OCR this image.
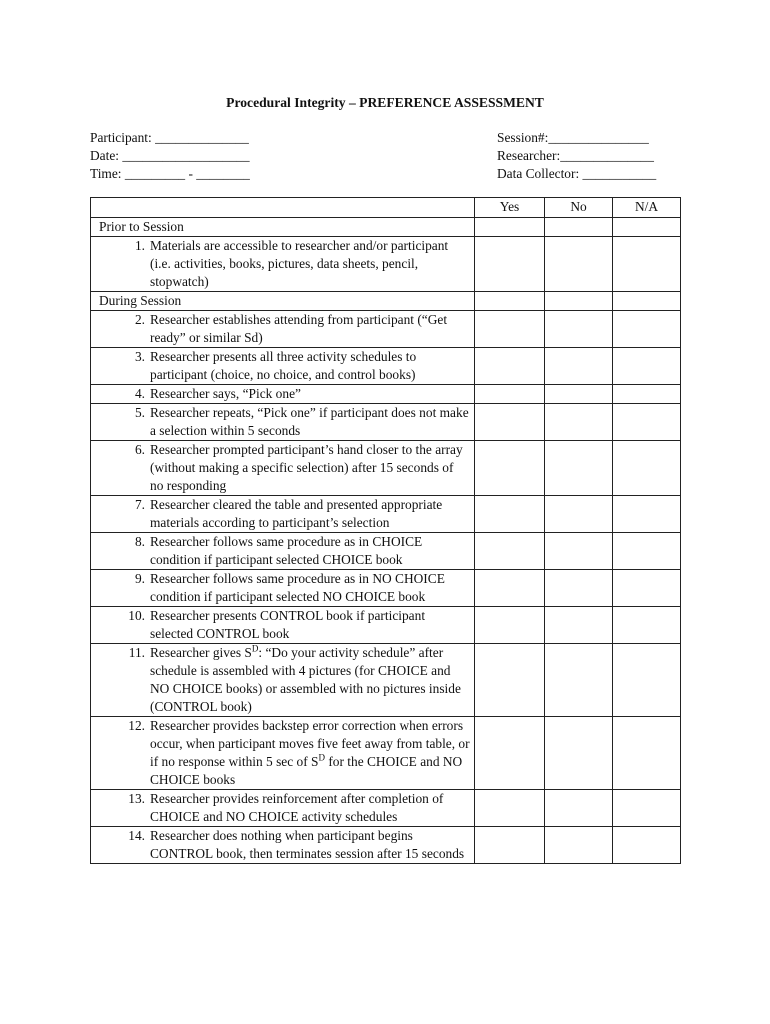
Procedural Integrity – PREFERENCE ASSESSMENT
Participant: ______________
Date: ___________________
Time: _________ - ________
Session#:_______________
Researcher:______________
Data Collector: ___________
	Yes	No	N/A
Prior to Session			

1. Materials are accessible to researcher and/or participant (i.e. activities, books, pictures, data sheets, pencil, stopwatch)			

During Session			

2. Researcher establishes attending from participant (“Get ready” or similar Sd)			

3. Researcher presents all three activity schedules to participant (choice, no choice, and control books)			

4. Researcher says, “Pick one”			

5. Researcher repeats, “Pick one” if participant does not make a selection within 5 seconds			

6. Researcher prompted participant’s hand closer to the array (without making a specific selection) after 15 seconds of no responding			

7. Researcher cleared the table and presented appropriate materials according to participant’s selection			

8. Researcher follows same procedure as in CHOICE condition if participant selected CHOICE book			

9. Researcher follows same procedure as in NO CHOICE condition if participant selected NO CHOICE book			

10. Researcher presents CONTROL book if participant selected CONTROL book			

11. Researcher gives $S^D$: “Do your activity schedule” after schedule is assembled with 4 pictures (for CHOICE and NO CHOICE books) or assembled with no pictures inside (CONTROL book)			

12. Researcher provides backstep error correction when errors occur, when participant moves five feet away from table, or if no response within 5 sec of $S^D$ for the CHOICE and NO CHOICE books			

13. Researcher provides reinforcement after completion of CHOICE and NO CHOICE activity schedules			

14. Researcher does nothing when participant begins CONTROL book, then terminates session after 15 seconds			
